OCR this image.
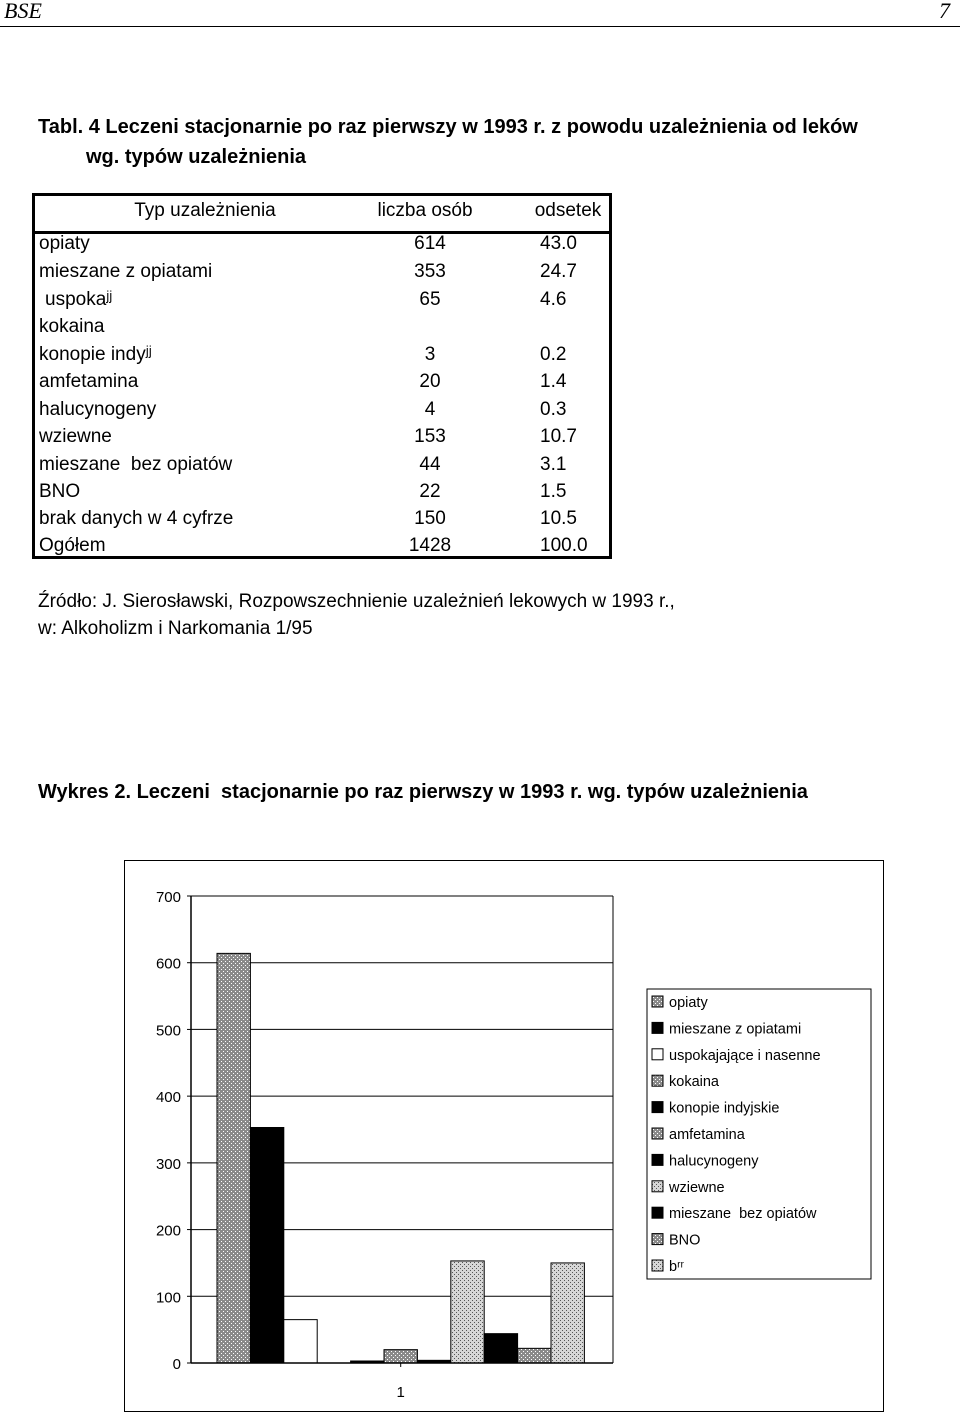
BSE	7
Tabl. 4 Leczeni stacjonarnie po raz pierwszy w 1993 r. z powodu uzależnienia od leków
wg. typów uzależnienia
Typ uzależnienia	liczba osób	odsetek
opiaty	614	43.0
mieszane z opiatami	353	24.7
uspokaʲʲ	65	4.6
kokaina
konopie indyʲʲ	3	0.2
amfetamina	20	1.4
halucynogeny	4	0.3
wziewne	153	10.7
mieszane  bez opiatów	44	3.1
BNO	22	1.5
brak danych w 4 cyfrze	150	10.5
Ogółem	1428	100.0
Źródło: J. Sierosławski, Rozpowszechnienie uzależnień lekowych w 1993 r.,
w: Alkoholizm i Narkomania 1/95
Wykres 2. Leczeni  stacjonarnie po raz pierwszy w 1993 r. wg. typów uzależnienia
0
100
200
300
400
500
600
700
1
opiaty
mieszane z opiatami
uspokajające i nasenne
kokaina
konopie indyjskie
amfetamina
halucynogeny
wziewne
mieszane  bez opiatów
BNO
bʳʳ
